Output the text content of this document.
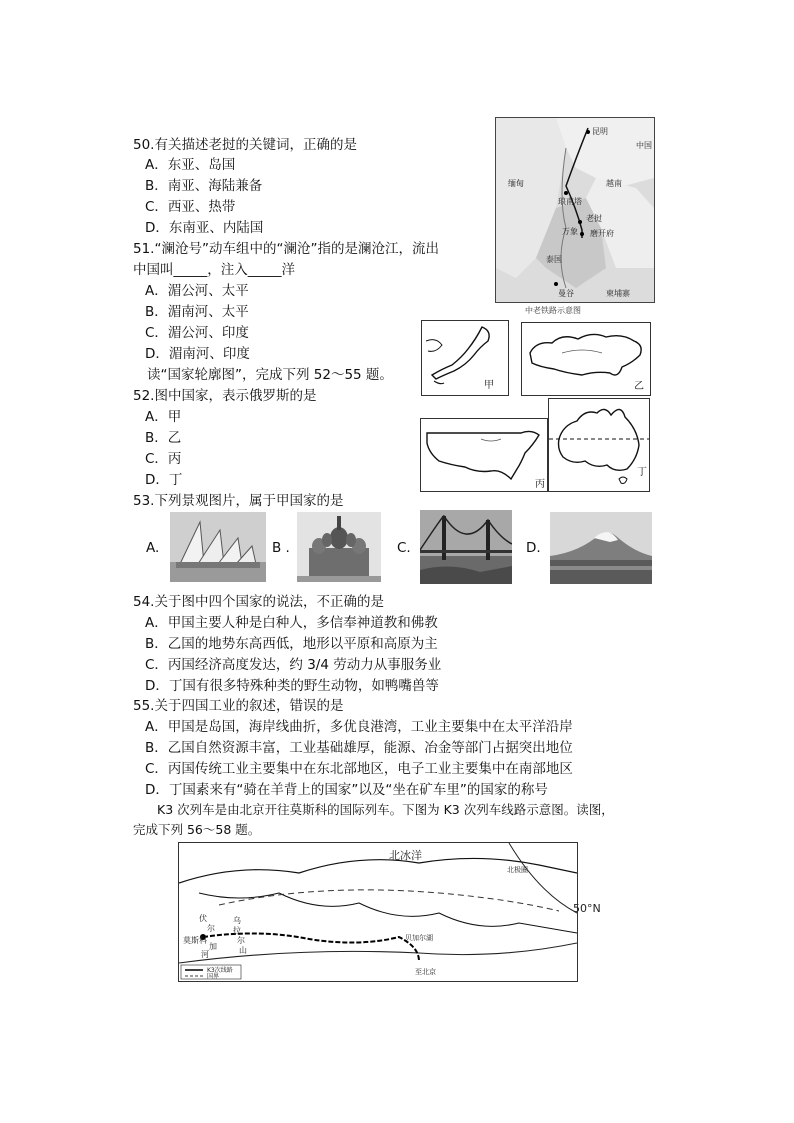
50.有关描述老挝的关键词，正确的是
A．东亚、岛国
B．南亚、海陆兼备
C．西亚、热带
D．东南亚、内陆国
51.“澜沧号”动车组中的“澜沧”指的是澜沧江，流出
中国叫_____，注入_____洋
A．湄公河、太平
B．湄南河、太平
C．湄公河、印度
D．湄南河、印度
读“国家轮廓图”，完成下列 52～55 题。
52.图中国家，表示俄罗斯的是
A．甲
B．乙
C．丙
D．丁
53.下列景观图片，属于甲国家的是
A.	B .	C.	D.
54.关于图中四个国家的说法，不正确的是
A．甲国主要人种是白种人，多信奉神道教和佛教
B．乙国的地势东高西低，地形以平原和高原为主
C．丙国经济高度发达，约 3/4 劳动力从事服务业
D．丁国有很多特殊种类的野生动物，如鸭嘴兽等
55.关于四国工业的叙述，错误的是
A．甲国是岛国，海岸线曲折，多优良港湾，工业主要集中在太平洋沿岸
B．乙国自然资源丰富，工业基础雄厚，能源、冶金等部门占据突出地位
C．丙国传统工业主要集中在东北部地区，电子工业主要集中在南部地区
D．丁国素来有“骑在羊背上的国家”以及“坐在矿车里”的国家的称号
K3 次列车是由北京开往莫斯科的国际列车。下图为 K3 次列车线路示意图。读图，
完成下列 56～58 题。
昆明
中国
缅甸	越南
琅南塔
老挝
万象 磨开府
泰国
曼谷	柬埔寨
中老铁路示意图
甲	乙
丙
丁
北冰洋
北极圈
莫斯科
伏
尔
加
河
乌
拉
尔
山
贝加尔湖
至北京
K3次线路
国界
50°N
